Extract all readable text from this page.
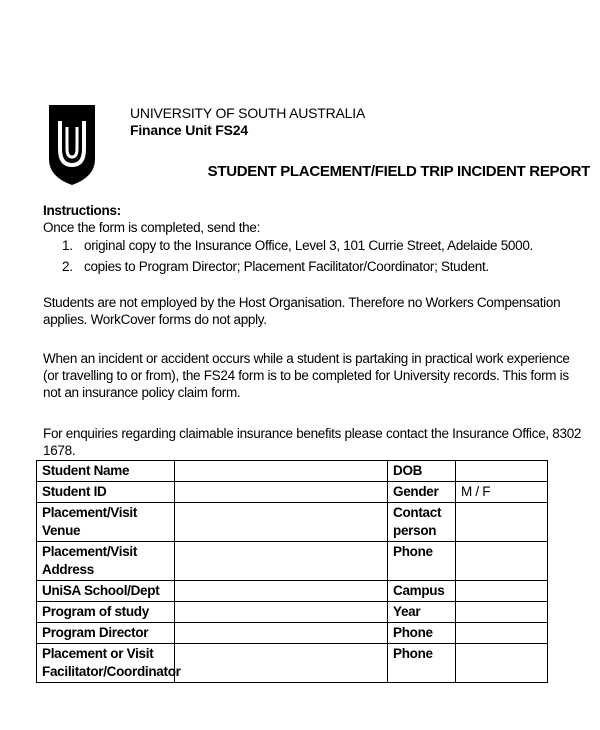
UNIVERSITY OF SOUTH AUSTRALIA
Finance Unit FS24
STUDENT PLACEMENT/FIELD TRIP INCIDENT REPORT
Instructions:
Once the form is completed, send the:
1. original copy to the Insurance Office, Level 3, 101 Currie Street, Adelaide 5000.
2. copies to Program Director; Placement Facilitator/Coordinator; Student.
Students are not employed by the Host Organisation. Therefore no Workers Compensation applies. WorkCover forms do not apply.
When an incident or accident occurs while a student is partaking in practical work experience (or travelling to or from), the FS24 form is to be completed for University records. This form is not an insurance policy claim form.
For enquiries regarding claimable insurance benefits please contact the Insurance Office, 8302 1678.
Student Name		DOB	
Student ID		Gender	M / F
Placement/Visit Venue		Contact person	
Placement/Visit Address		Phone	
UniSA School/Dept		Campus	
Program of study		Year	
Program Director		Phone	
Placement or Visit Facilitator/Coordinator		Phone	
